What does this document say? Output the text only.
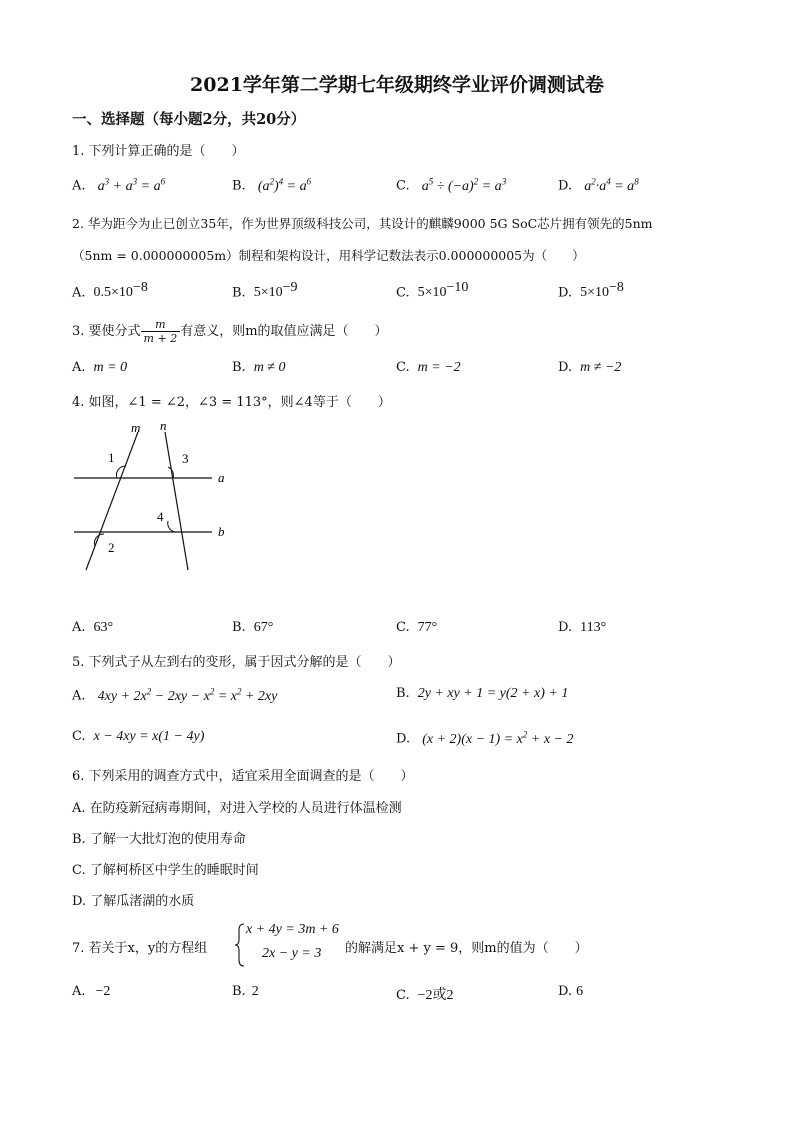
2021学年第二学期七年级期终学业评价调测试卷
一、选择题（每小题2分，共20分）
1. 下列计算正确的是（　　）
A. $a^3 + a^3 = a^6$	B. $(a^2)^4 = a^6$	C. $a^5 \div (-a)^2 = a^3$	D. $a^2\cdot a^4 = a^8$
2. 华为距今为止已创立35年，作为世界顶级科技公司，其设计的麒麟9000 5G SoC芯片拥有领先的5nm
（5nm = 0.000000005m）制程和架构设计，用科学记数法表示0.000000005为（　　）
A. $0.5\times 10^{-8}$	B. $5\times 10^{-9}$	C. $5\times 10^{-10}$	D. $5\times 10^{-8}$
3. 要使分式 $\frac{m}{m + 2}$ 有意义，则m的取值应满足（　　）
A. m = 0	B. m ≠ 0	C. m = −2	D. m ≠ −2
4. 如图，∠1 = ∠2，∠3 = 113°，则∠4等于（　　）
m n
a
b
1
2
3
4
A. 63°	B. 67°	C. 77°	D. 113°
5. 下列式子从左到右的变形，属于因式分解的是（　　）
A. $4xy + 2x^2 - 2xy - x^2 = x^2 + 2xy$	B. 2y + xy + 1 = y(2 + x) + 1
C. x − 4xy = x(1 − 4y)	D. $(x + 2)(x - 1) = x^2 + x - 2$
6. 下列采用的调查方式中，适宜采用全面调查的是（　　）
A. 在防疫新冠病毒期间，对进入学校的人员进行体温检测
B. 了解一大批灯泡的使用寿命
C. 了解柯桥区中学生的睡眠时间
D. 了解瓜渚湖的水质
7. 若关于x，y的方程组
x + 4y = 3m + 6
2x − y = 3 的解满足x + y = 9，则m的值为（　　）
A. −2	B. 2	C. −2或2	D. 6
